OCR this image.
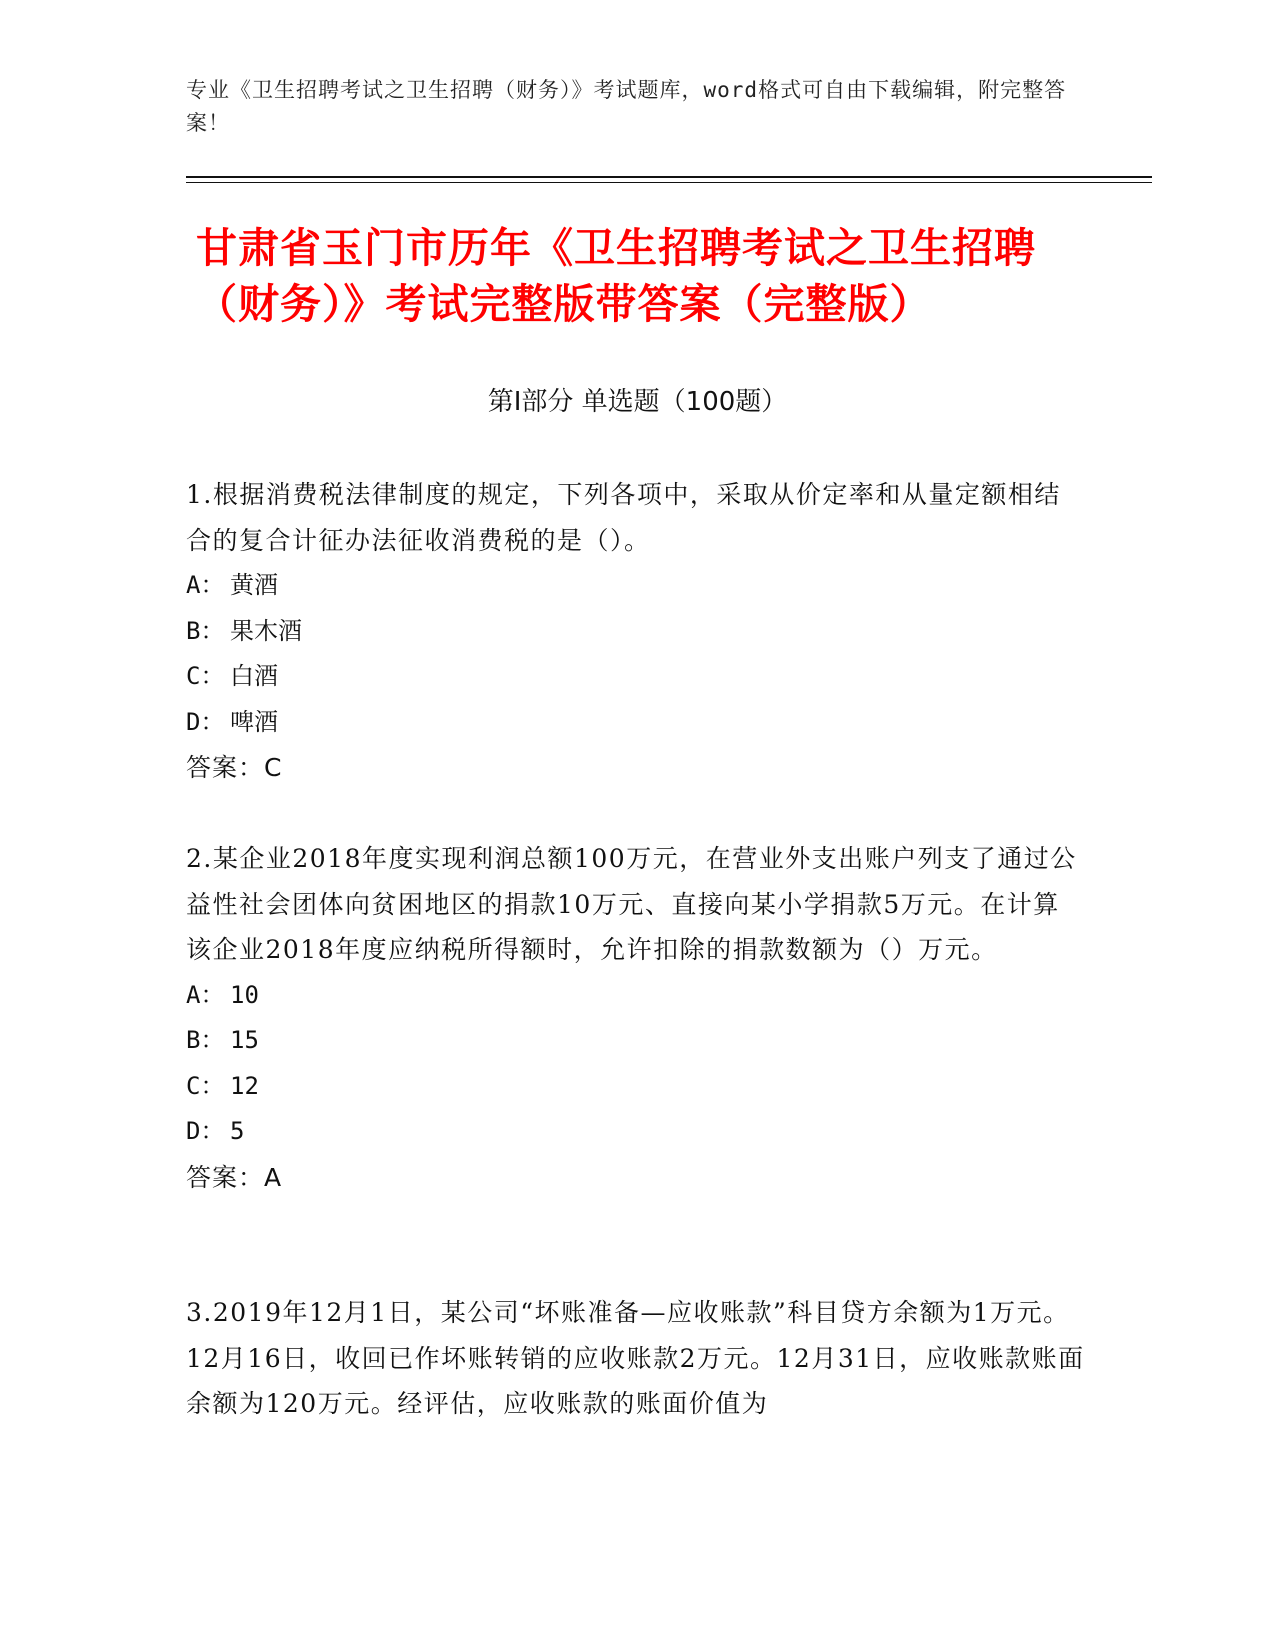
专业《卫生招聘考试之卫生招聘（财务）》考试题库，word格式可自由下载编辑，附完整答案！
甘肃省玉门市历年《卫生招聘考试之卫生招聘（财务）》考试完整版带答案（完整版）
第Ⅰ部分 单选题（100题）

1.根据消费税法律制度的规定，下列各项中，采取从价定率和从量定额相结合的复合计征办法征收消费税的是（）。

A： 黄酒

B： 果木酒

C： 白酒

D： 啤酒

答案：C

2.某企业2018年度实现利润总额100万元，在营业外支出账户列支了通过公益性社会团体向贫困地区的捐款10万元、直接向某小学捐款5万元。在计算该企业2018年度应纳税所得额时，允许扣除的捐款数额为（）万元。

A： 10

B： 15

C： 12

D： 5

答案：A

3.2019年12月1日，某公司“坏账准备—应收账款”科目贷方余额为1万元。12月16日，收回已作坏账转销的应收账款2万元。12月31日，应收账款账面余额为120万元。经评估，应收账款的账面价值为
